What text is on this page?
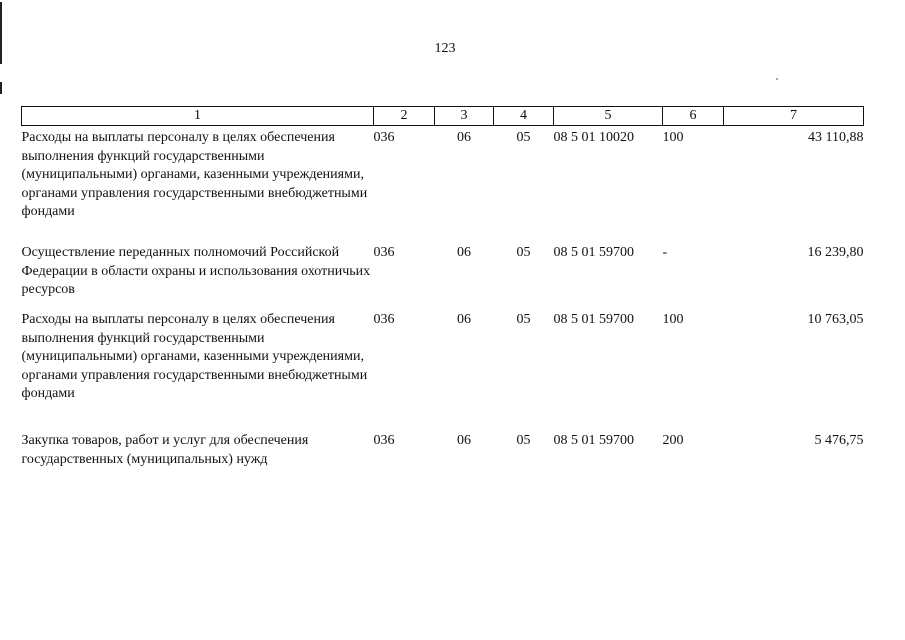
123
1	2	3	4	5	6	7
Расходы на выплаты персоналу в целях обеспечения выполнения функций государственными (муниципальными) органами, казенными учреждениями, органами управления государственными внебюджетными фондами	036	06	05	08 5 01 10020	100	43 110,88
Осуществление переданных полномочий Российской Федерации в области охраны и использования охотничьих ресурсов	036	06	05	08 5 01 59700	-	16 239,80
Расходы на выплаты персоналу в целях обеспечения выполнения функций государственными (муниципальными) органами, казенными учреждениями, органами управления государственными внебюджетными фондами	036	06	05	08 5 01 59700	100	10 763,05
Закупка товаров, работ и услуг для обеспечения государственных (муниципальных) нужд	036	06	05	08 5 01 59700	200	5 476,75
